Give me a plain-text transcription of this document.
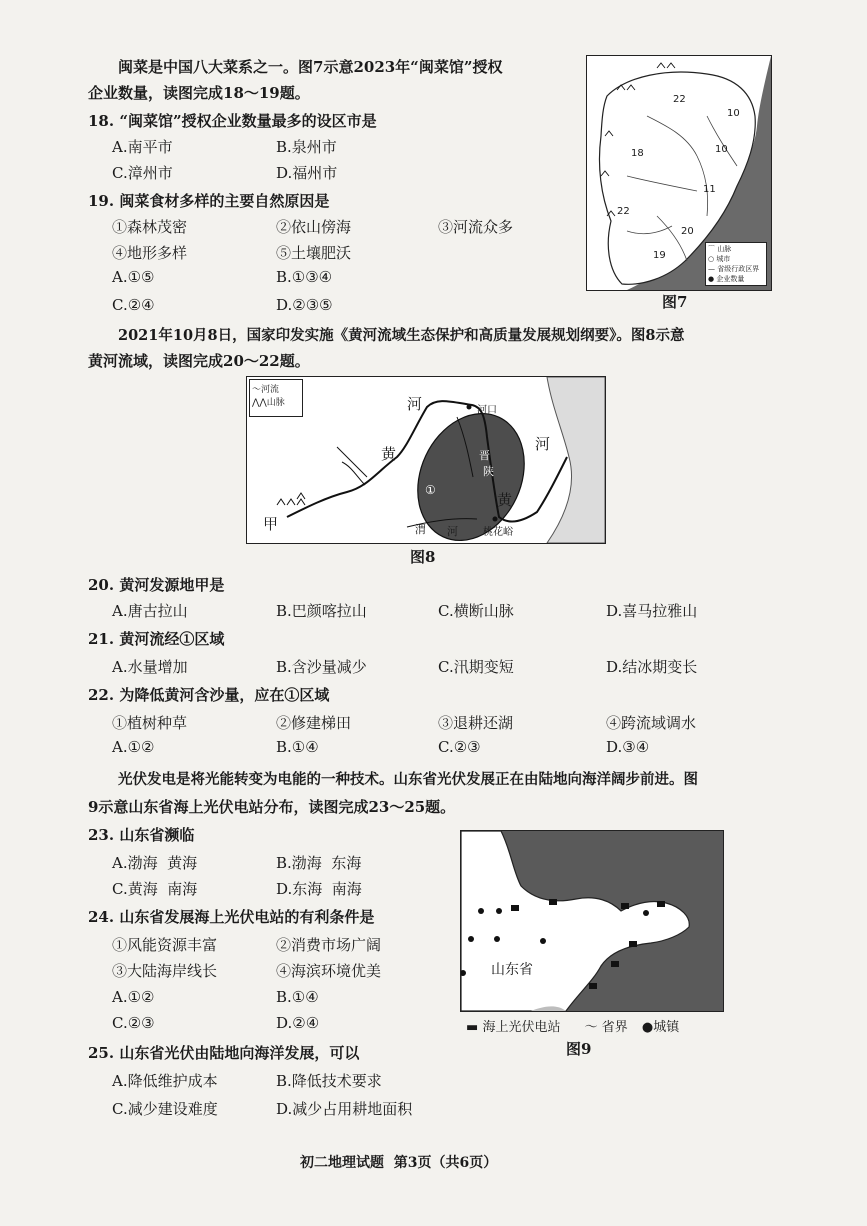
闽菜是中国八大菜系之一。图7示意2023年“闽菜馆”授权
企业数量，读图完成18～19题。
18. “闽菜馆”授权企业数量最多的设区市是
A.南平市	B.泉州市
C.漳州市	D.福州市
19. 闽菜食材多样的主要自然原因是
①森林茂密	②依山傍海	③河流众多
④地形多样	⑤土壤肥沃
A.①⑤	B.①③④
C.②④	D.②③⑤
22
10
18	10
11
22
20
19
⌒ 山脉
○ 城市
— 省级行政区界
● 企业数量
图7
2021年10月8日，国家印发实施《黄河流域生态保护和高质量发展规划纲要》。图8示意
黄河流域，读图完成20～22题。
〜河流
⋀⋀山脉	河	河口
黄	晋
陕
①
河
黄
甲	渭 河	桃花峪
图8
20. 黄河发源地甲是
A.唐古拉山	B.巴颜喀拉山	C.横断山脉	D.喜马拉雅山
21. 黄河流经①区域
A.水量增加	B.含沙量减少	C.汛期变短	D.结冰期变长
22. 为降低黄河含沙量，应在①区域
①植树种草	②修建梯田	③退耕还湖	④跨流域调水
A.①②	B.①④	C.②③	D.③④
光伏发电是将光能转变为电能的一种技术。山东省光伏发展正在由陆地向海洋阔步前进。图
9示意山东省海上光伏电站分布，读图完成23～25题。
23. 山东省濒临
A.渤海  黄海	B.渤海  东海
C.黄海  南海	D.东海  南海
24. 山东省发展海上光伏电站的有利条件是
①风能资源丰富	②消费市场广阔
③大陆海岸线长	④海滨环境优美
A.①②	B.①④
C.②③	D.②④
25. 山东省光伏由陆地向海洋发展，可以
A.降低维护成本	B.降低技术要求
C.减少建设难度	D.减少占用耕地面积
山东省
▬ 海上光伏电站 ～ 省界 ●城镇
图9
初二地理试题  第3页（共6页）
